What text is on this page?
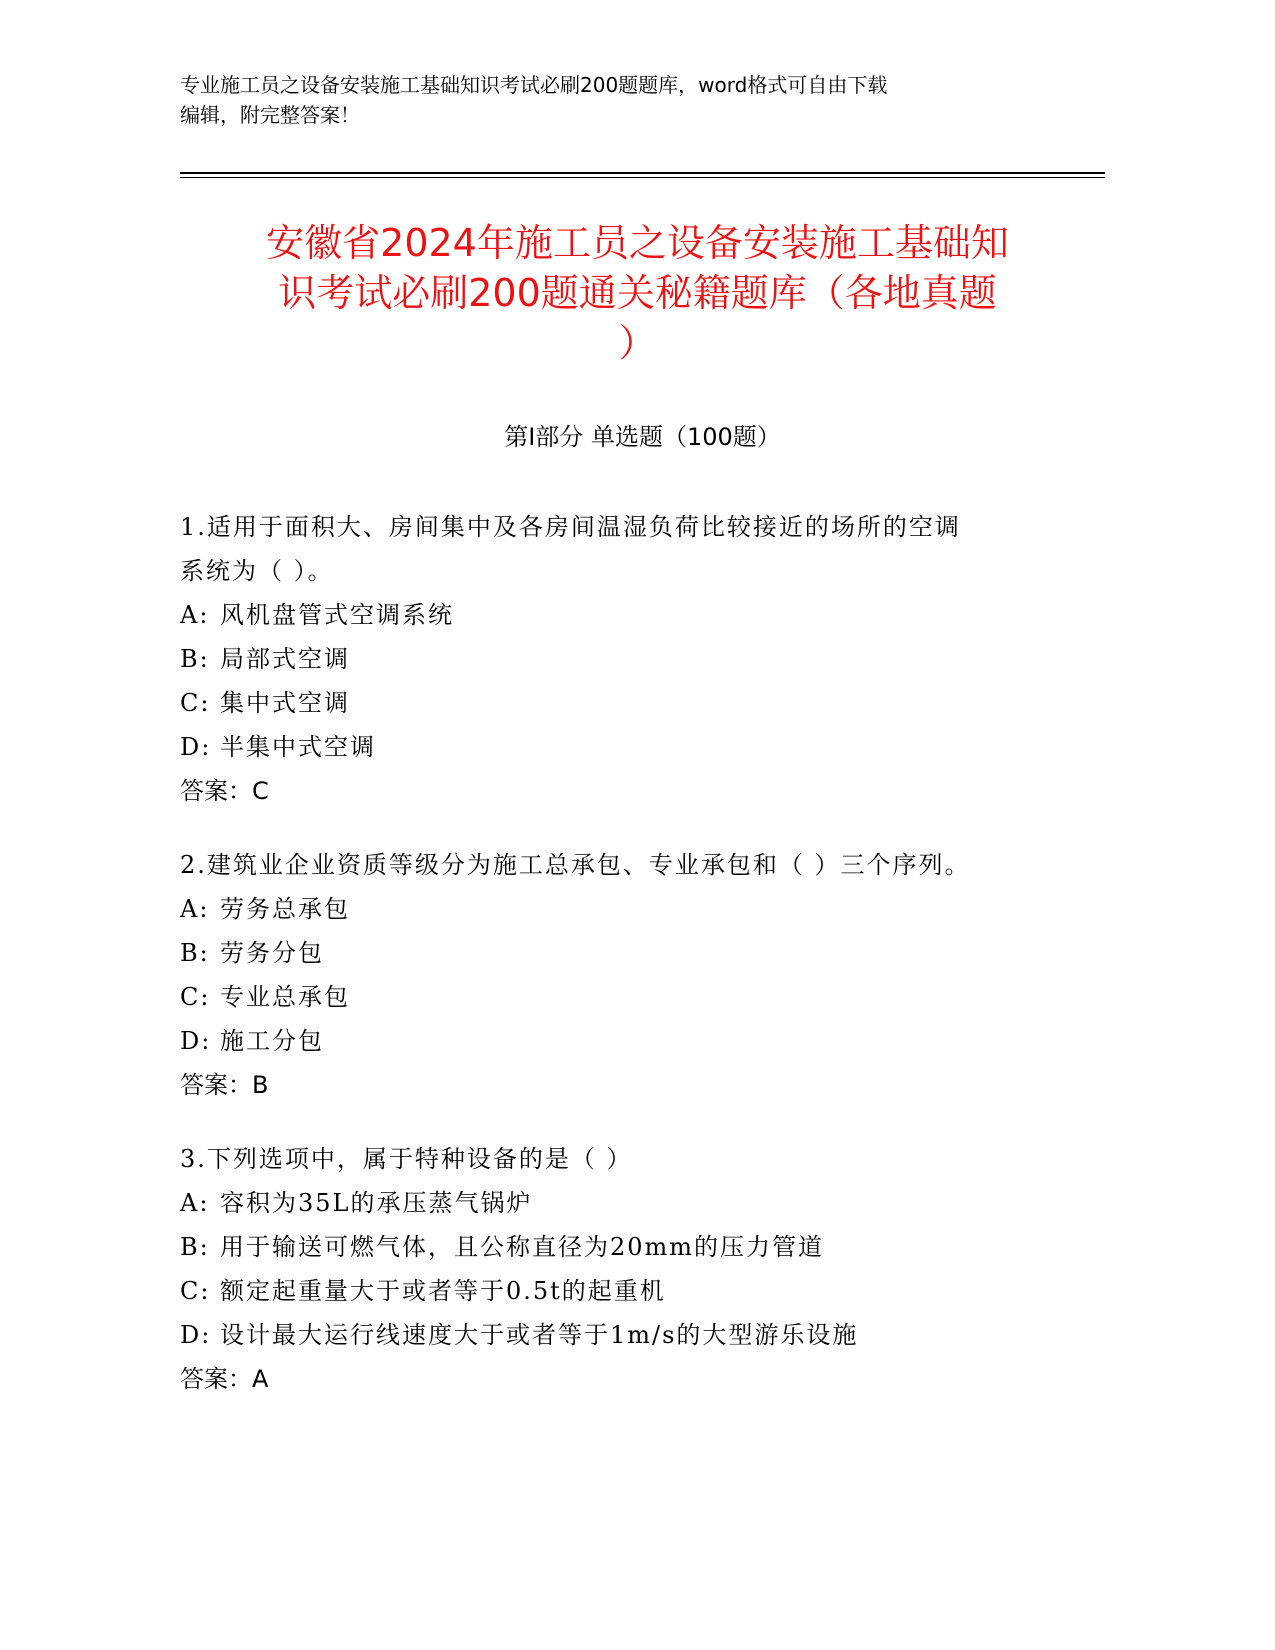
专业施工员之设备安装施工基础知识考试必刷200题题库，word格式可自由下载
编辑，附完整答案！
安徽省2024年施工员之设备安装施工基础知
识考试必刷200题通关秘籍题库（各地真题
）
第I部分 单选题（100题）
1.适用于面积大、房间集中及各房间温湿负荷比较接近的场所的空调
系统为（ ）。
A: 风机盘管式空调系统
B: 局部式空调
C: 集中式空调
D: 半集中式空调
答案：C
2.建筑业企业资质等级分为施工总承包、专业承包和（ ）三个序列。
A: 劳务总承包
B: 劳务分包
C: 专业总承包
D: 施工分包
答案：B
3.下列选项中，属于特种设备的是（ ）
A: 容积为35L的承压蒸气锅炉
B: 用于输送可燃气体，且公称直径为20mm的压力管道
C: 额定起重量大于或者等于0.5t的起重机
D: 设计最大运行线速度大于或者等于1m/s的大型游乐设施
答案：A
